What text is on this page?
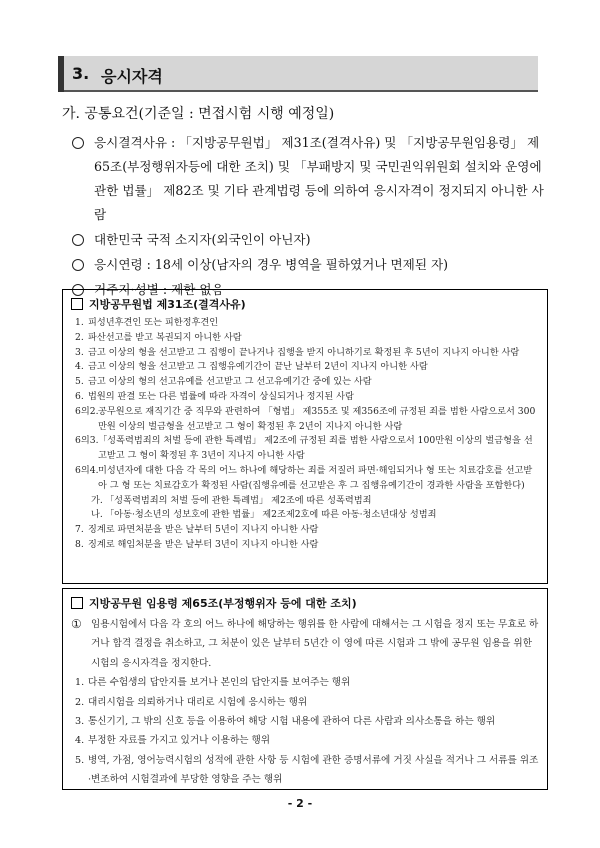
3. 응시자격
가. 공통요건(기준일 : 면접시험 시행 예정일)
응시결격사유 : 「지방공무원법」 제31조(결격사유) 및 「지방공무원임용령」 제65조(부정행위자등에 대한 조치) 및 「부패방지 및 국민권익위원회 설치와 운영에 관한 법률」 제82조 및 기타 관계법령 등에 의하여 응시자격이 정지되지 아니한 사람
대한민국 국적 소지자(외국인이 아닌자)
응시연령 : 18세 이상(남자의 경우 병역을 필하였거나 면제된 자)
거주지·성별 : 제한 없음
지방공무원법 제31조(결격사유)
1. 피성년후견인 또는 피한정후견인
2. 파산선고를 받고 복권되지 아니한 사람
3. 금고 이상의 형을 선고받고 그 집행이 끝나거나 집행을 받지 아니하기로 확정된 후 5년이 지나지 아니한 사람
4. 금고 이상의 형을 선고받고 그 집행유예기간이 끝난 날부터 2년이 지나지 아니한 사람
5. 금고 이상의 형의 선고유예를 선고받고 그 선고유예기간 중에 있는 사람
6. 법원의 판결 또는 다른 법률에 따라 자격이 상실되거나 정지된 사람
6의2. 공무원으로 재직기간 중 직무와 관련하여 「형법」 제355조 및 제356조에 규정된 죄를 범한 사람으로서 300만원 이상의 벌금형을 선고받고 그 형이 확정된 후 2년이 지나지 아니한 사람
6의3. 「성폭력범죄의 처벌 등에 관한 특례법」 제2조에 규정된 죄를 범한 사람으로서 100만원 이상의 벌금형을 선고받고 그 형이 확정된 후 3년이 지나지 아니한 사람
6의4. 미성년자에 대한 다음 각 목의 어느 하나에 해당하는 죄를 저질러 파면·해임되거나 형 또는 치료감호를 선고받아 그 형 또는 치료감호가 확정된 사람(집행유예를 선고받은 후 그 집행유예기간이 경과한 사람을 포함한다)
가. 「성폭력범죄의 처벌 등에 관한 특례법」 제2조에 따른 성폭력범죄
나. 「아동·청소년의 성보호에 관한 법률」 제2조제2호에 따른 아동·청소년대상 성범죄
7. 징계로 파면처분을 받은 날부터 5년이 지나지 아니한 사람
8. 징계로 해임처분을 받은 날부터 3년이 지나지 아니한 사람
지방공무원 임용령 제65조(부정행위자 등에 대한 조치)
① 임용시험에서 다음 각 호의 어느 하나에 해당하는 행위를 한 사람에 대해서는 그 시험을 정지 또는 무효로 하거나 합격 결정을 취소하고, 그 처분이 있은 날부터 5년간 이 영에 따른 시험과 그 밖에 공무원 임용을 위한 시험의 응시자격을 정지한다.
1. 다른 수험생의 답안지를 보거나 본인의 답안지를 보여주는 행위
2. 대리시험을 의뢰하거나 대리로 시험에 응시하는 행위
3. 통신기기, 그 밖의 신호 등을 이용하여 해당 시험 내용에 관하여 다른 사람과 의사소통을 하는 행위
4. 부정한 자료를 가지고 있거나 이용하는 행위
5. 병역, 가점, 영어능력시험의 성적에 관한 사항 등 시험에 관한 증명서류에 거짓 사실을 적거나 그 서류를 위조·변조하여 시험결과에 부당한 영향을 주는 행위
- 2 -
